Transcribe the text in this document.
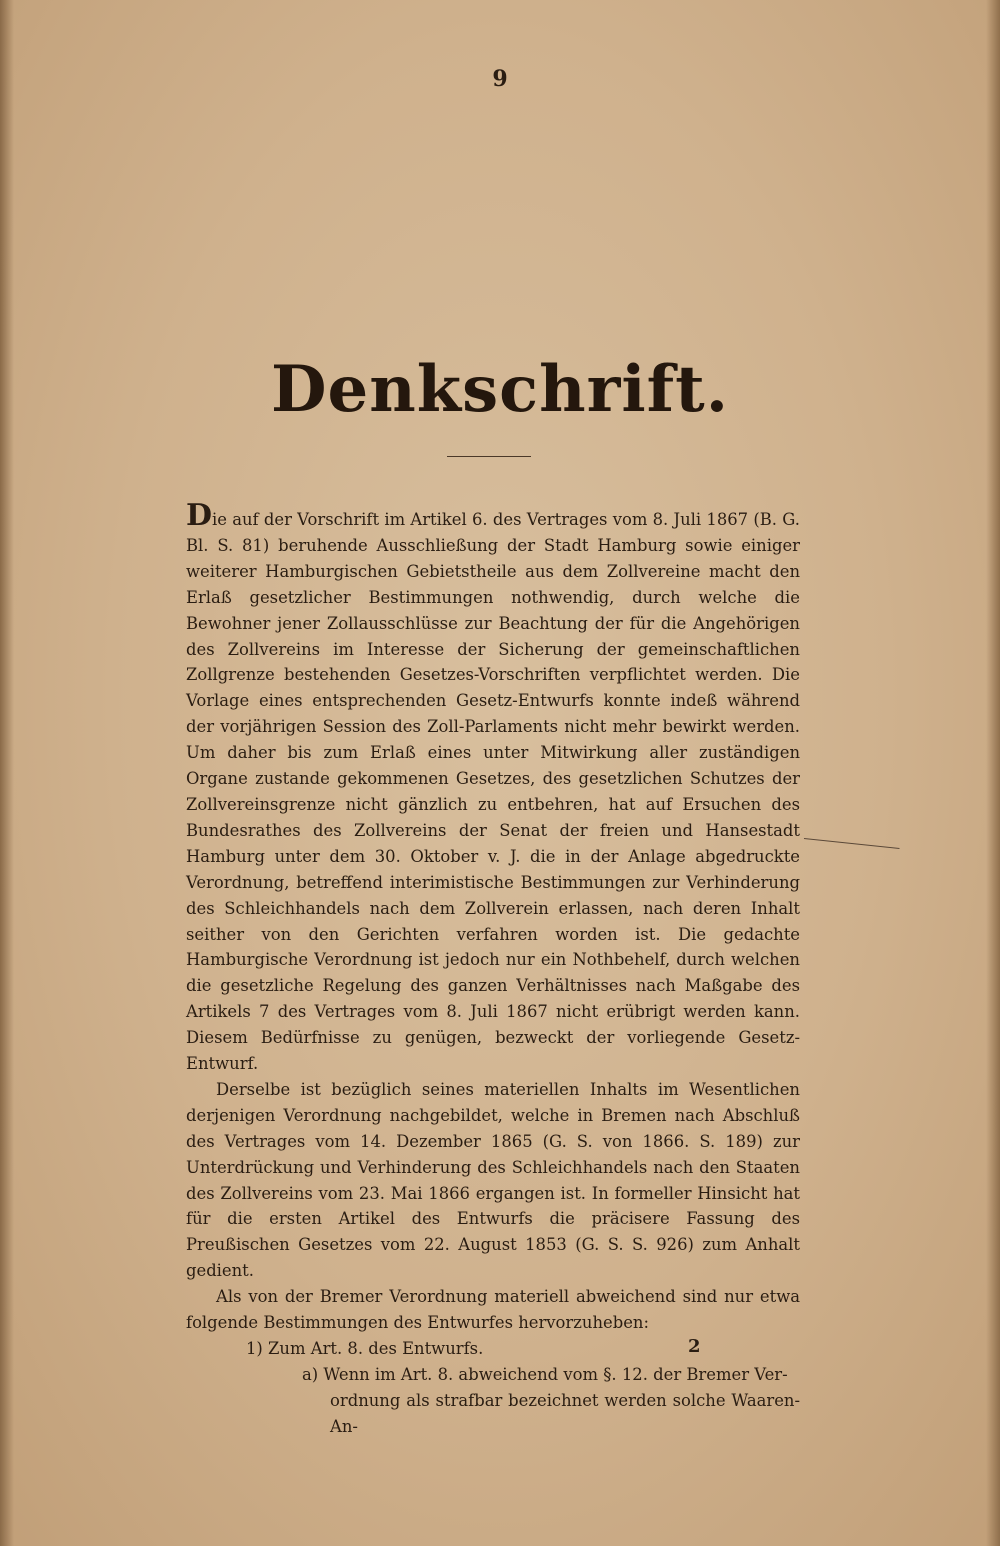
9
Denkschrift.

Die auf der Vorschrift im Artikel 6. des Vertrages vom 8. Juli 1867 (B. G. Bl. S. 81) beruhende Ausschließung der Stadt Hamburg sowie einiger weiterer Hamburgischen Gebietstheile aus dem Zollvereine macht den Erlaß gesetzlicher Bestimmungen nothwendig, durch welche die Bewohner jener Zollausschlüsse zur Beachtung der für die Angehörigen des Zollvereins im Interesse der Sicherung der gemeinschaftlichen Zollgrenze bestehenden Gesetzes-Vorschriften verpflichtet werden. Die Vorlage eines entsprechenden Gesetz-Entwurfs konnte indeß während der vorjährigen Session des Zoll-Parlaments nicht mehr bewirkt werden. Um daher bis zum Erlaß eines unter Mitwirkung aller zuständigen Organe zustande gekommenen Gesetzes, des gesetzlichen Schutzes der Zollvereinsgrenze nicht gänzlich zu entbehren, hat auf Ersuchen des Bundesrathes des Zollvereins der Senat der freien und Hansestadt Hamburg unter dem 30. Oktober v. J. die in der Anlage abgedruckte Verordnung, betreffend interimistische Bestimmungen zur Verhinderung des Schleichhandels nach dem Zollverein erlassen, nach deren Inhalt seither von den Gerichten verfahren worden ist. Die gedachte Hamburgische Verordnung ist jedoch nur ein Nothbehelf, durch welchen die gesetzliche Regelung des ganzen Verhältnisses nach Maßgabe des Artikels 7 des Vertrages vom 8. Juli 1867 nicht erübrigt werden kann. Diesem Bedürfnisse zu genügen, bezweckt der vorliegende Gesetz-Entwurf.

Derselbe ist bezüglich seines materiellen Inhalts im Wesentlichen derjenigen Verordnung nachgebildet, welche in Bremen nach Abschluß des Vertrages vom 14. Dezember 1865 (G. S. von 1866. S. 189) zur Unterdrückung und Verhinderung des Schleichhandels nach den Staaten des Zollvereins vom 23. Mai 1866 ergangen ist. In formeller Hinsicht hat für die ersten Artikel des Entwurfs die präcisere Fassung des Preußischen Gesetzes vom 22. August 1853 (G. S. S. 926) zum Anhalt gedient.

Als von der Bremer Verordnung materiell abweichend sind nur etwa folgende Bestimmungen des Entwurfes hervorzuheben:

1) Zum Art. 8. des Entwurfs.

a) Wenn im Art. 8. abweichend vom §. 12. der Bremer Ver-

ordnung als strafbar bezeichnet werden solche Waaren-An-

2
